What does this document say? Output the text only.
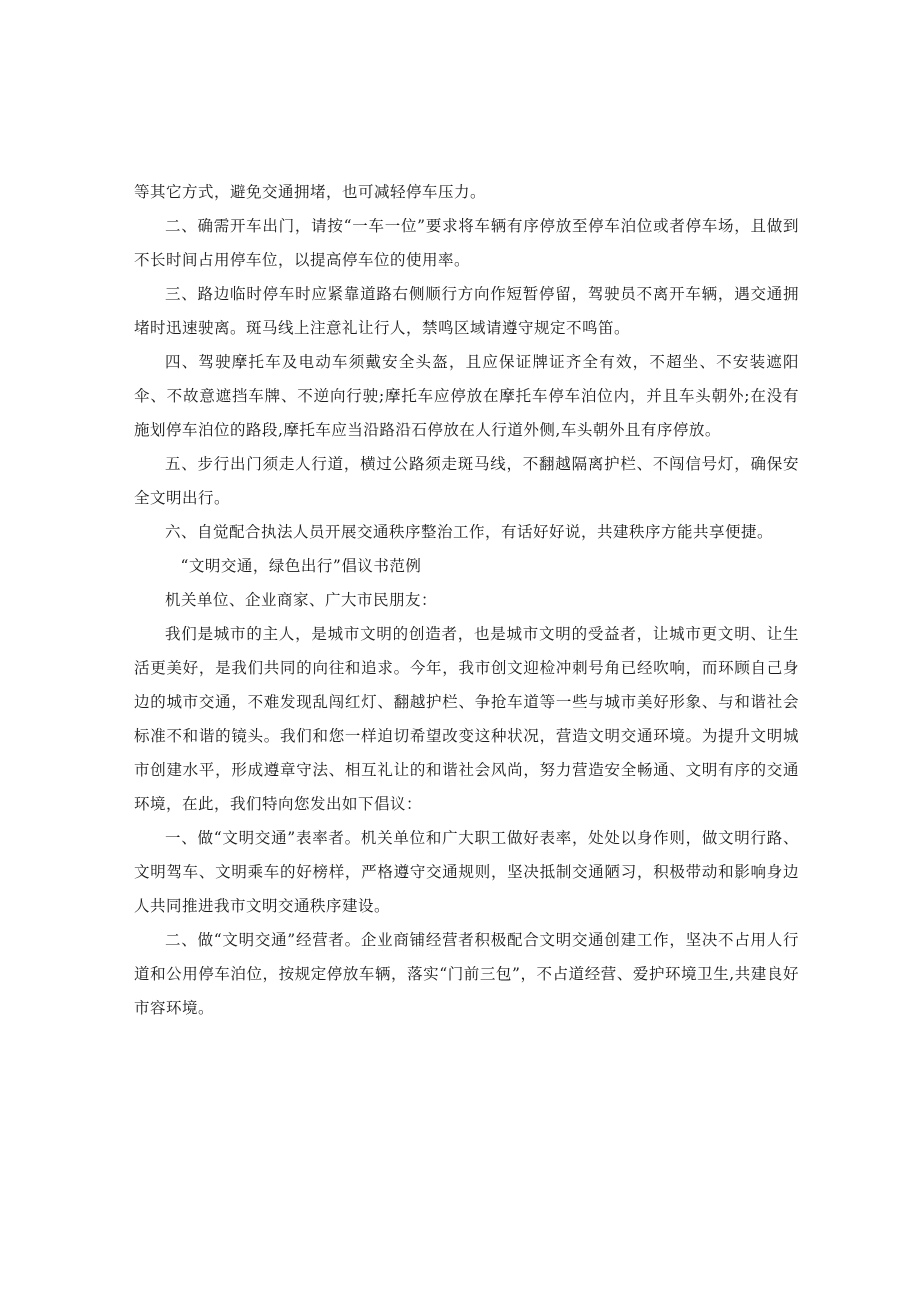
等其它方式，避免交通拥堵，也可减轻停车压力。

二、确需开车出门，请按“一车一位”要求将车辆有序停放至停车泊位或者停车场，且做到不长时间占用停车位，以提高停车位的使用率。

三、路边临时停车时应紧靠道路右侧顺行方向作短暂停留，驾驶员不离开车辆，遇交通拥堵时迅速驶离。斑马线上注意礼让行人，禁鸣区域请遵守规定不鸣笛。

四、驾驶摩托车及电动车须戴安全头盔，且应保证牌证齐全有效，不超坐、不安装遮阳伞、不故意遮挡车牌、不逆向行驶;摩托车应停放在摩托车停车泊位内，并且车头朝外;在没有施划停车泊位的路段,摩托车应当沿路沿石停放在人行道外侧,车头朝外且有序停放。

五、步行出门须走人行道，横过公路须走斑马线，不翻越隔离护栏、不闯信号灯，确保安全文明出行。

六、自觉配合执法人员开展交通秩序整治工作，有话好好说，共建秩序方能共享便捷。

“文明交通，绿色出行”倡议书范例

机关单位、企业商家、广大市民朋友：

我们是城市的主人，是城市文明的创造者，也是城市文明的受益者，让城市更文明、让生活更美好，是我们共同的向往和追求。今年，我市创文迎检冲刺号角已经吹响，而环顾自己身边的城市交通，不难发现乱闯红灯、翻越护栏、争抢车道等一些与城市美好形象、与和谐社会标准不和谐的镜头。我们和您一样迫切希望改变这种状况，营造文明交通环境。为提升文明城市创建水平，形成遵章守法、相互礼让的和谐社会风尚，努力营造安全畅通、文明有序的交通环境，在此，我们特向您发出如下倡议：

一、做“文明交通”表率者。机关单位和广大职工做好表率，处处以身作则，做文明行路、文明驾车、文明乘车的好榜样，严格遵守交通规则，坚决抵制交通陋习，积极带动和影响身边人共同推进我市文明交通秩序建设。

二、做“文明交通”经营者。企业商铺经营者积极配合文明交通创建工作，坚决不占用人行道和公用停车泊位，按规定停放车辆，落实“门前三包”，不占道经营、爱护环境卫生,共建良好市容环境。
